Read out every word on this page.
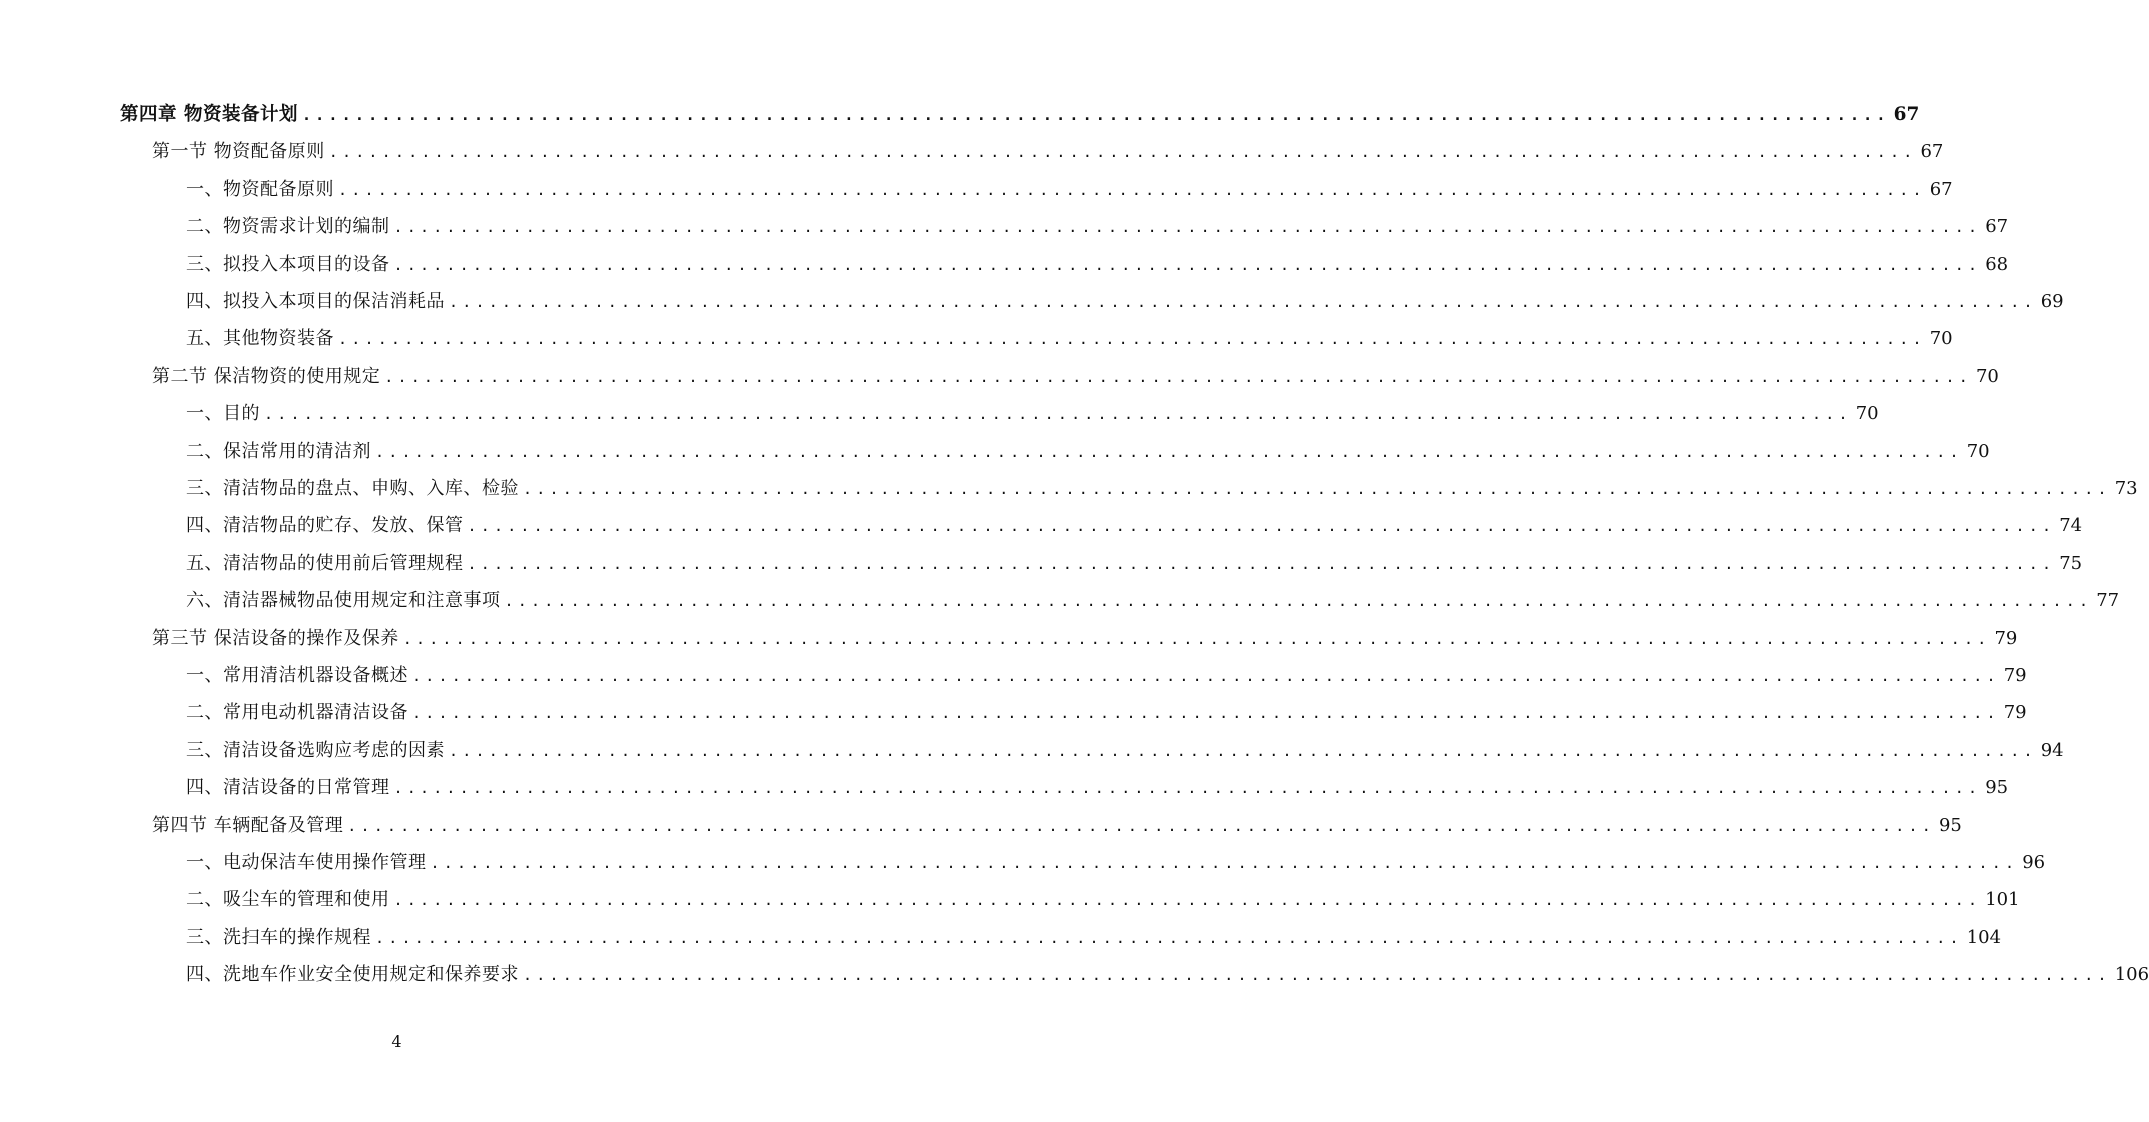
第四章 物资装备计划 ........................................................................................................................ 67
第一节 物资配备原则 ........................................................................................................................ 67
一、物资配备原则 ........................................................................................................................ 67
二、物资需求计划的编制 ........................................................................................................................ 67
三、拟投入本项目的设备 ........................................................................................................................ 68
四、拟投入本项目的保洁消耗品 ........................................................................................................................ 69
五、其他物资装备 ........................................................................................................................ 70
第二节 保洁物资的使用规定 ........................................................................................................................ 70
一、目的 ........................................................................................................................ 70
二、保洁常用的清洁剂 ........................................................................................................................ 70
三、清洁物品的盘点、申购、入库、检验 ........................................................................................................................ 73
四、清洁物品的贮存、发放、保管 ........................................................................................................................ 74
五、清洁物品的使用前后管理规程 ........................................................................................................................ 75
六、清洁器械物品使用规定和注意事项 ........................................................................................................................ 77
第三节 保洁设备的操作及保养 ........................................................................................................................ 79
一、常用清洁机器设备概述 ........................................................................................................................ 79
二、常用电动机器清洁设备 ........................................................................................................................ 79
三、清洁设备选购应考虑的因素 ........................................................................................................................ 94
四、清洁设备的日常管理 ........................................................................................................................ 95
第四节 车辆配备及管理 ........................................................................................................................ 95
一、电动保洁车使用操作管理 ........................................................................................................................ 96
二、吸尘车的管理和使用 ........................................................................................................................ 101
三、洗扫车的操作规程 ........................................................................................................................ 104
四、洗地车作业安全使用规定和保养要求 ........................................................................................................................ 106
4
